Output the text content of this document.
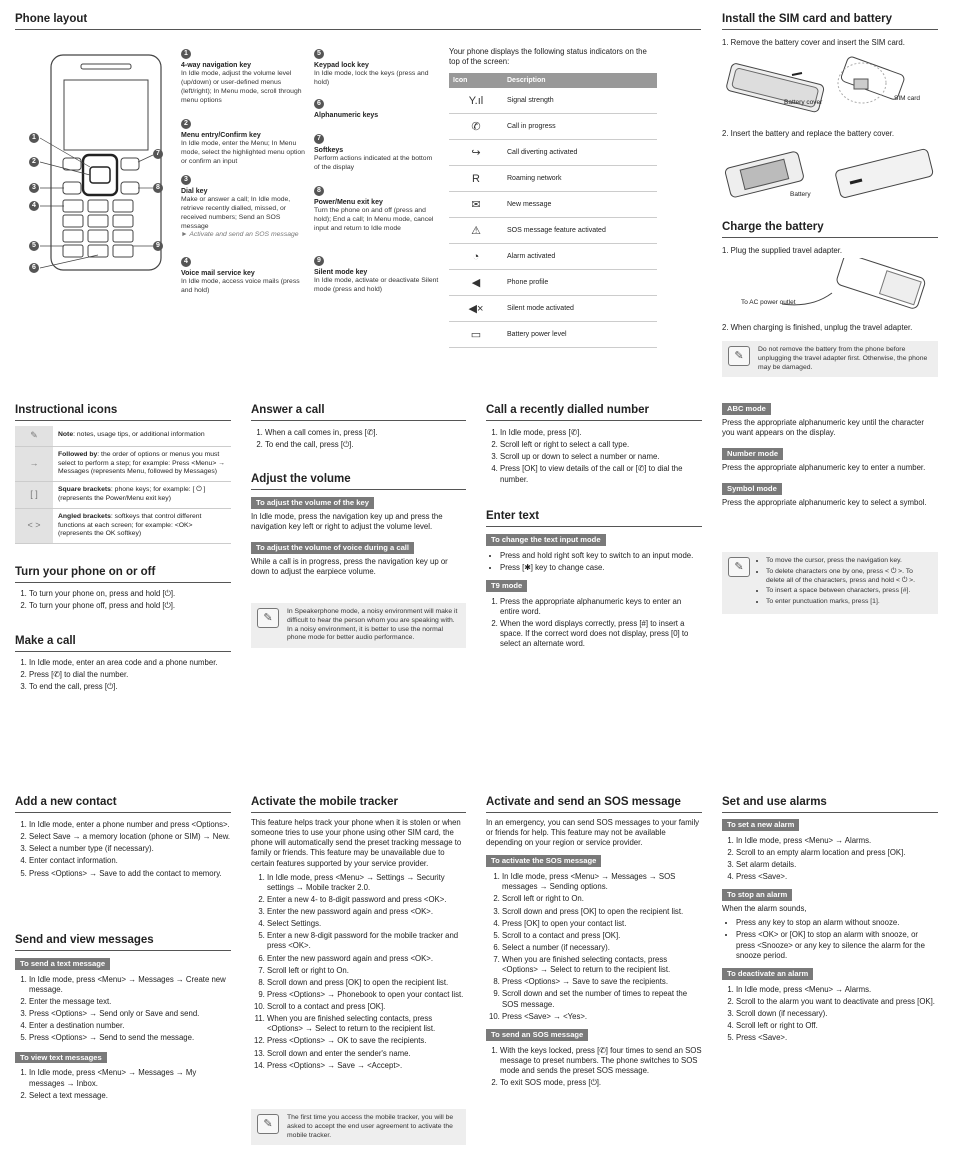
Phone layout
1
2
3
4
5
6
7
8
9
1
4-way navigation key
In Idle mode, adjust the volume level (up/down) or user-defined menus (left/right); In Menu mode, scroll through menu options
2
Menu entry/Confirm key
In Idle mode, enter the Menu; In Menu mode, select the highlighted menu option or confirm an input
3
Dial key
Make or answer a call; In Idle mode, retrieve recently dialled, missed, or received numbers; Send an SOS message
► Activate and send an SOS message
4
Voice mail service key
In Idle mode, access voice mails (press and hold)
5
Keypad lock key
In Idle mode, lock the keys (press and hold)
6
Alphanumeric keys
7
Softkeys
Perform actions indicated at the bottom of the display
8
Power/Menu exit key
Turn the phone on and off (press and hold); End a call; In Menu mode, cancel input and return to Idle mode
9
Silent mode key
In Idle mode, activate or deactivate Silent mode (press and hold)

Your phone displays the following status indicators on the top of the screen:

Icon	Description
Y.ıl	Signal strength
✆	Call in progress
↪	Call diverting activated
R	Roaming network
✉	New message
⚠	SOS message feature activated
◔	Alarm activated
◀	Phone profile
◀×	Silent mode activated
▭	Battery power level
Install the SIM card and battery
1. Remove the battery cover and insert the SIM card.
Battery cover
SIM card
2. Insert the battery and replace the battery cover.
Battery
Charge the battery
1. Plug the supplied travel adapter.
To AC power outlet
2. When charging is finished, unplug the travel adapter.
✎
Do not remove the battery from the phone before unplugging the travel adapter first. Otherwise, the phone may be damaged.
Instructional icons
✎	Note: notes, usage tips, or additional information
→	Followed by: the order of options or menus you must select to perform a step; for example: Press <Menu> → Messages (represents Menu, followed by Messages)
[ ]	Square brackets: phone keys; for example: [ ⏻ ] (represents the Power/Menu exit key)
< >	Angled brackets: softkeys that control different functions at each screen; for example: <OK> (represents the OK softkey)
Turn your phone on or off
1. To turn your phone on, press and hold [⏻].
2. To turn your phone off, press and hold [⏻].
Make a call
1. In Idle mode, enter an area code and a phone number.
2. Press [✆] to dial the number.
3. To end the call, press [⏻].
Answer a call
1. When a call comes in, press [✆].
2. To end the call, press [⏻].
Adjust the volume
To adjust the volume of the key

In Idle mode, press the navigation key up and press the navigation key left or right to adjust the volume level.

To adjust the volume of voice during a call

While a call is in progress, press the navigation key up or down to adjust the earpiece volume.

✎
In Speakerphone mode, a noisy environment will make it difficult to hear the person whom you are speaking with. In a noisy environment, it is better to use the normal phone mode for better audio performance.
Call a recently dialled number
1. In Idle mode, press [✆].
2. Scroll left or right to select a call type.
3. Scroll up or down to select a number or name.
4. Press [OK] to view details of the call or [✆] to dial the number.
Enter text
To change the text input mode
• Press and hold right soft key to switch to an input mode.
• Press [✱] key to change case.
T9 mode
1. Press the appropriate alphanumeric keys to enter an entire word.
2. When the word displays correctly, press [#] to insert a space. If the correct word does not display, press [0] to select an alternate word.
ABC mode

Press the appropriate alphanumeric key until the character you want appears on the display.

Number mode

Press the appropriate alphanumeric key to enter a number.

Symbol mode

Press the appropriate alphanumeric key to select a symbol.

✎
• To move the cursor, press the navigation key.
• To delete characters one by one, press < ⏻ >. To delete all of the characters, press and hold < ⏻ >.
• To insert a space between characters, press [#].
• To enter punctuation marks, press [1].
Add a new contact
1. In Idle mode, enter a phone number and press <Options>.
2. Select Save → a memory location (phone or SIM) → New.
3. Select a number type (if necessary).
4. Enter contact information.
5. Press <Options> → Save to add the contact to memory.
Send and view messages
To send a text message
1. In Idle mode, press <Menu> → Messages → Create new message.
2. Enter the message text.
3. Press <Options> → Send only or Save and send.
4. Enter a destination number.
5. Press <Options> → Send to send the message.
To view text messages
1. In Idle mode, press <Menu> → Messages → My messages → Inbox.
2. Select a text message.
Activate the mobile tracker

This feature helps track your phone when it is stolen or when someone tries to use your phone using other SIM card, the phone will automatically send the preset tracking message to family or friends. This feature may be unavailable due to certain features supported by your service provider.

1. In Idle mode, press <Menu> → Settings → Security settings → Mobile tracker 2.0.
2. Enter a new 4- to 8-digit password and press <OK>.
3. Enter the new password again and press <OK>.
4. Select Settings.
5. Enter a new 8-digit password for the mobile tracker and press <OK>.
6. Enter the new password again and press <OK>.
7. Scroll left or right to On.
8. Scroll down and press [OK] to open the recipient list.
9. Press <Options> → Phonebook to open your contact list.
10. Scroll to a contact and press [OK].
11. When you are finished selecting contacts, press <Options> → Select to return to the recipient list.
12. Press <Options> → OK to save the recipients.
13. Scroll down and enter the sender's name.
14. Press <Options> → Save → <Accept>.
✎
The first time you access the mobile tracker, you will be asked to accept the end user agreement to activate the mobile tracker.
Activate and send an SOS message

In an emergency, you can send SOS messages to your family or friends for help. This feature may not be available depending on your region or service provider.

To activate the SOS message
1. In Idle mode, press <Menu> → Messages → SOS messages → Sending options.
2. Scroll left or right to On.
3. Scroll down and press [OK] to open the recipient list.
4. Press [OK] to open your contact list.
5. Scroll to a contact and press [OK].
6. Select a number (if necessary).
7. When you are finished selecting contacts, press <Options> → Select to return to the recipient list.
8. Press <Options> → Save to save the recipients.
9. Scroll down and set the number of times to repeat the SOS message.
10. Press <Save> → <Yes>.
To send an SOS message
1. With the keys locked, press [✆] four times to send an SOS message to preset numbers. The phone switches to SOS mode and sends the preset SOS message.
2. To exit SOS mode, press [⏻].
Set and use alarms
To set a new alarm
1. In Idle mode, press <Menu> → Alarms.
2. Scroll to an empty alarm location and press [OK].
3. Set alarm details.
4. Press <Save>.
To stop an alarm

When the alarm sounds,

• Press any key to stop an alarm without snooze.
• Press <OK> or [OK] to stop an alarm with snooze, or press <Snooze> or any key to silence the alarm for the snooze period.
To deactivate an alarm
1. In Idle mode, press <Menu> → Alarms.
2. Scroll to the alarm you want to deactivate and press [OK].
3. Scroll down (if necessary).
4. Scroll left or right to Off.
5. Press <Save>.
